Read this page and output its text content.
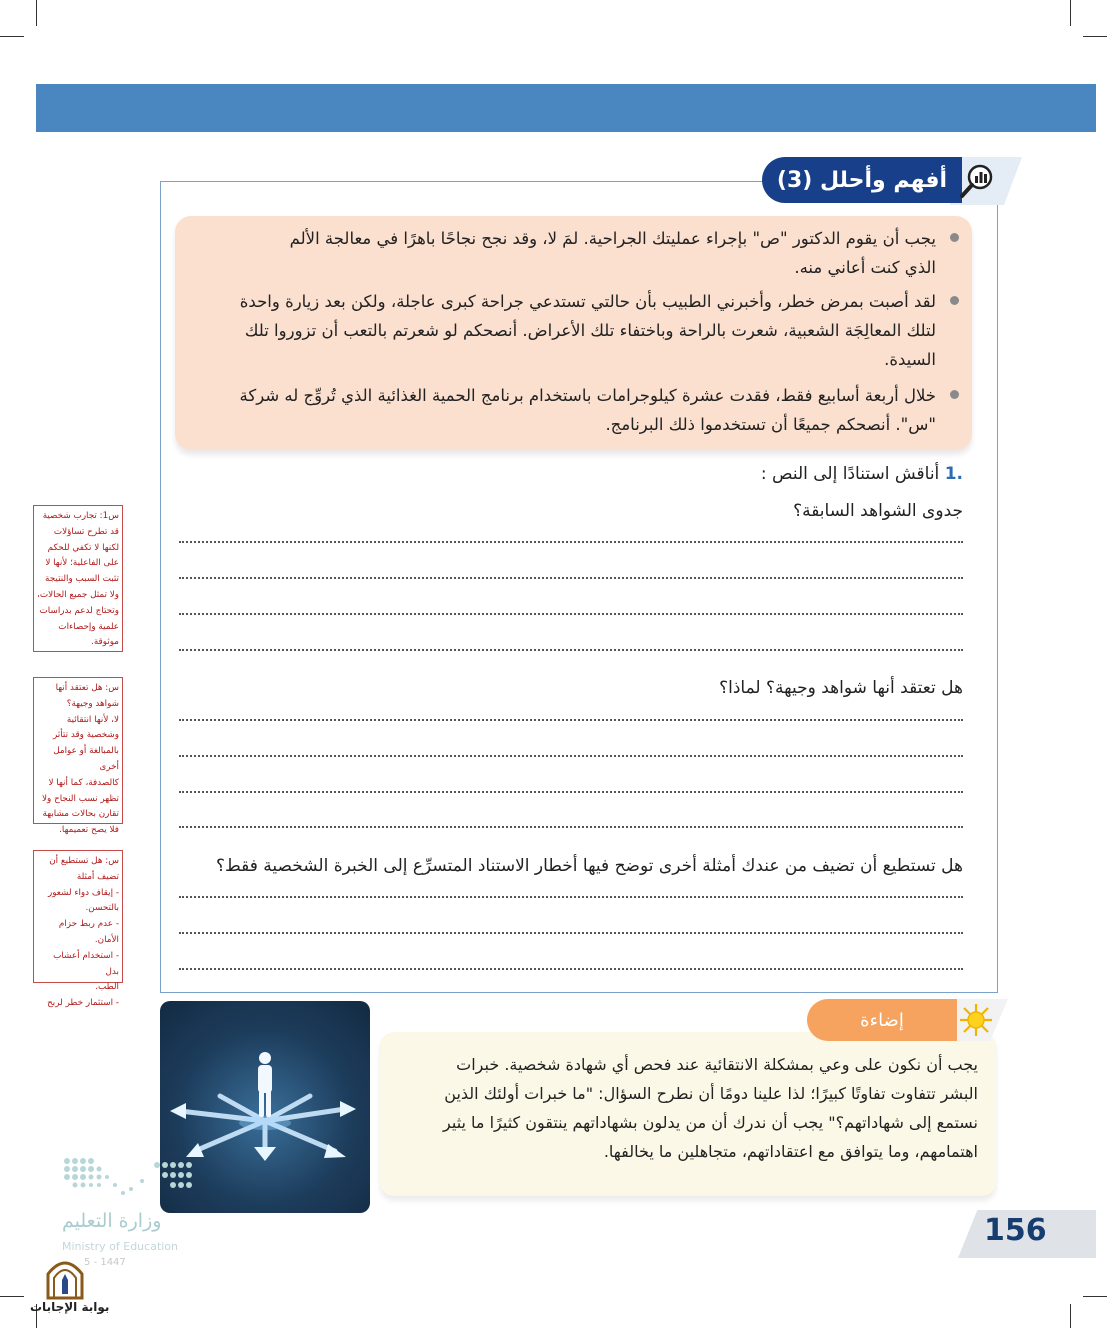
أفهم وأحلل (3)
يجب أن يقوم الدكتور "ص" بإجراء عمليتك الجراحية. لمَ لا، وقد نجح نجاحًا باهرًا في معالجة الألم
الذي كنت أعاني منه.
لقد أصبت بمرض خطر، وأخبرني الطبيب بأن حالتي تستدعي جراحة كبرى عاجلة، ولكن بعد زيارة واحدة
لتلك المعالِجَة الشعبية، شعرت بالراحة وباختفاء تلك الأعراض. أنصحكم لو شعرتم بالتعب أن تزوروا تلك
السيدة.
خلال أربعة أسابيع فقط، فقدت عشرة كيلوجرامات باستخدام برنامج الحمية الغذائية الذي تُروِّج له شركة
"س". أنصحكم جميعًا أن تستخدموا ذلك البرنامج.
.1 أناقش استنادًا إلى النص :
جدوى الشواهد السابقة؟
هل تعتقد أنها شواهد وجيهة؟ لماذا؟
هل تستطيع أن تضيف من عندك أمثلة أخرى توضح فيها أخطار الاستناد المتسرِّع إلى الخبرة الشخصية فقط؟
س1: تجارب شخصية
قد تطرح تساؤلات
لكنها لا تكفي للحكم
على الفاعلية؛ لأنها لا
تثبت السبب والنتيجة
ولا تمثل جميع الحالات،
وتحتاج لدعم بدراسات
علمية وإحصاءات
موثوقة.
س: هل تعتقد أنها
شواهد وجيهة؟
لا، لأنها انتقائية
وشخصية وقد تتأثر
بالمبالغة أو عوامل أخرى
كالصدفة، كما أنها لا
تظهر نسب النجاح ولا
تقارن بحالات مشابهة
فلا يصح تعميمها.
س: هل تستطيع أن
تضيف أمثلة
- إيقاف دواء لشعور
بالتحسن.
- عدم ربط حزام الأمان.
- استخدام أعشاب بدل
الطب.
- استثمار خطر لربح
إضاءة
يجب أن نكون على وعي بمشكلة الانتقائية عند فحص أي شهادة شخصية. خبرات
البشر تتفاوت تفاوتًا كبيرًا؛ لذا علينا دومًا أن نطرح السؤال: "ما خبرات أولئك الذين
نستمع إلى شهاداتهم؟" يجب أن ندرك أن من يدلون بشهاداتهم ينتقون كثيرًا ما يثير
اهتمامهم، وما يتوافق مع اعتقاداتهم، متجاهلين ما يخالفها.
156
وزارة التعليم
Ministry of Education
5 - 1447
بوابة الإجابات
